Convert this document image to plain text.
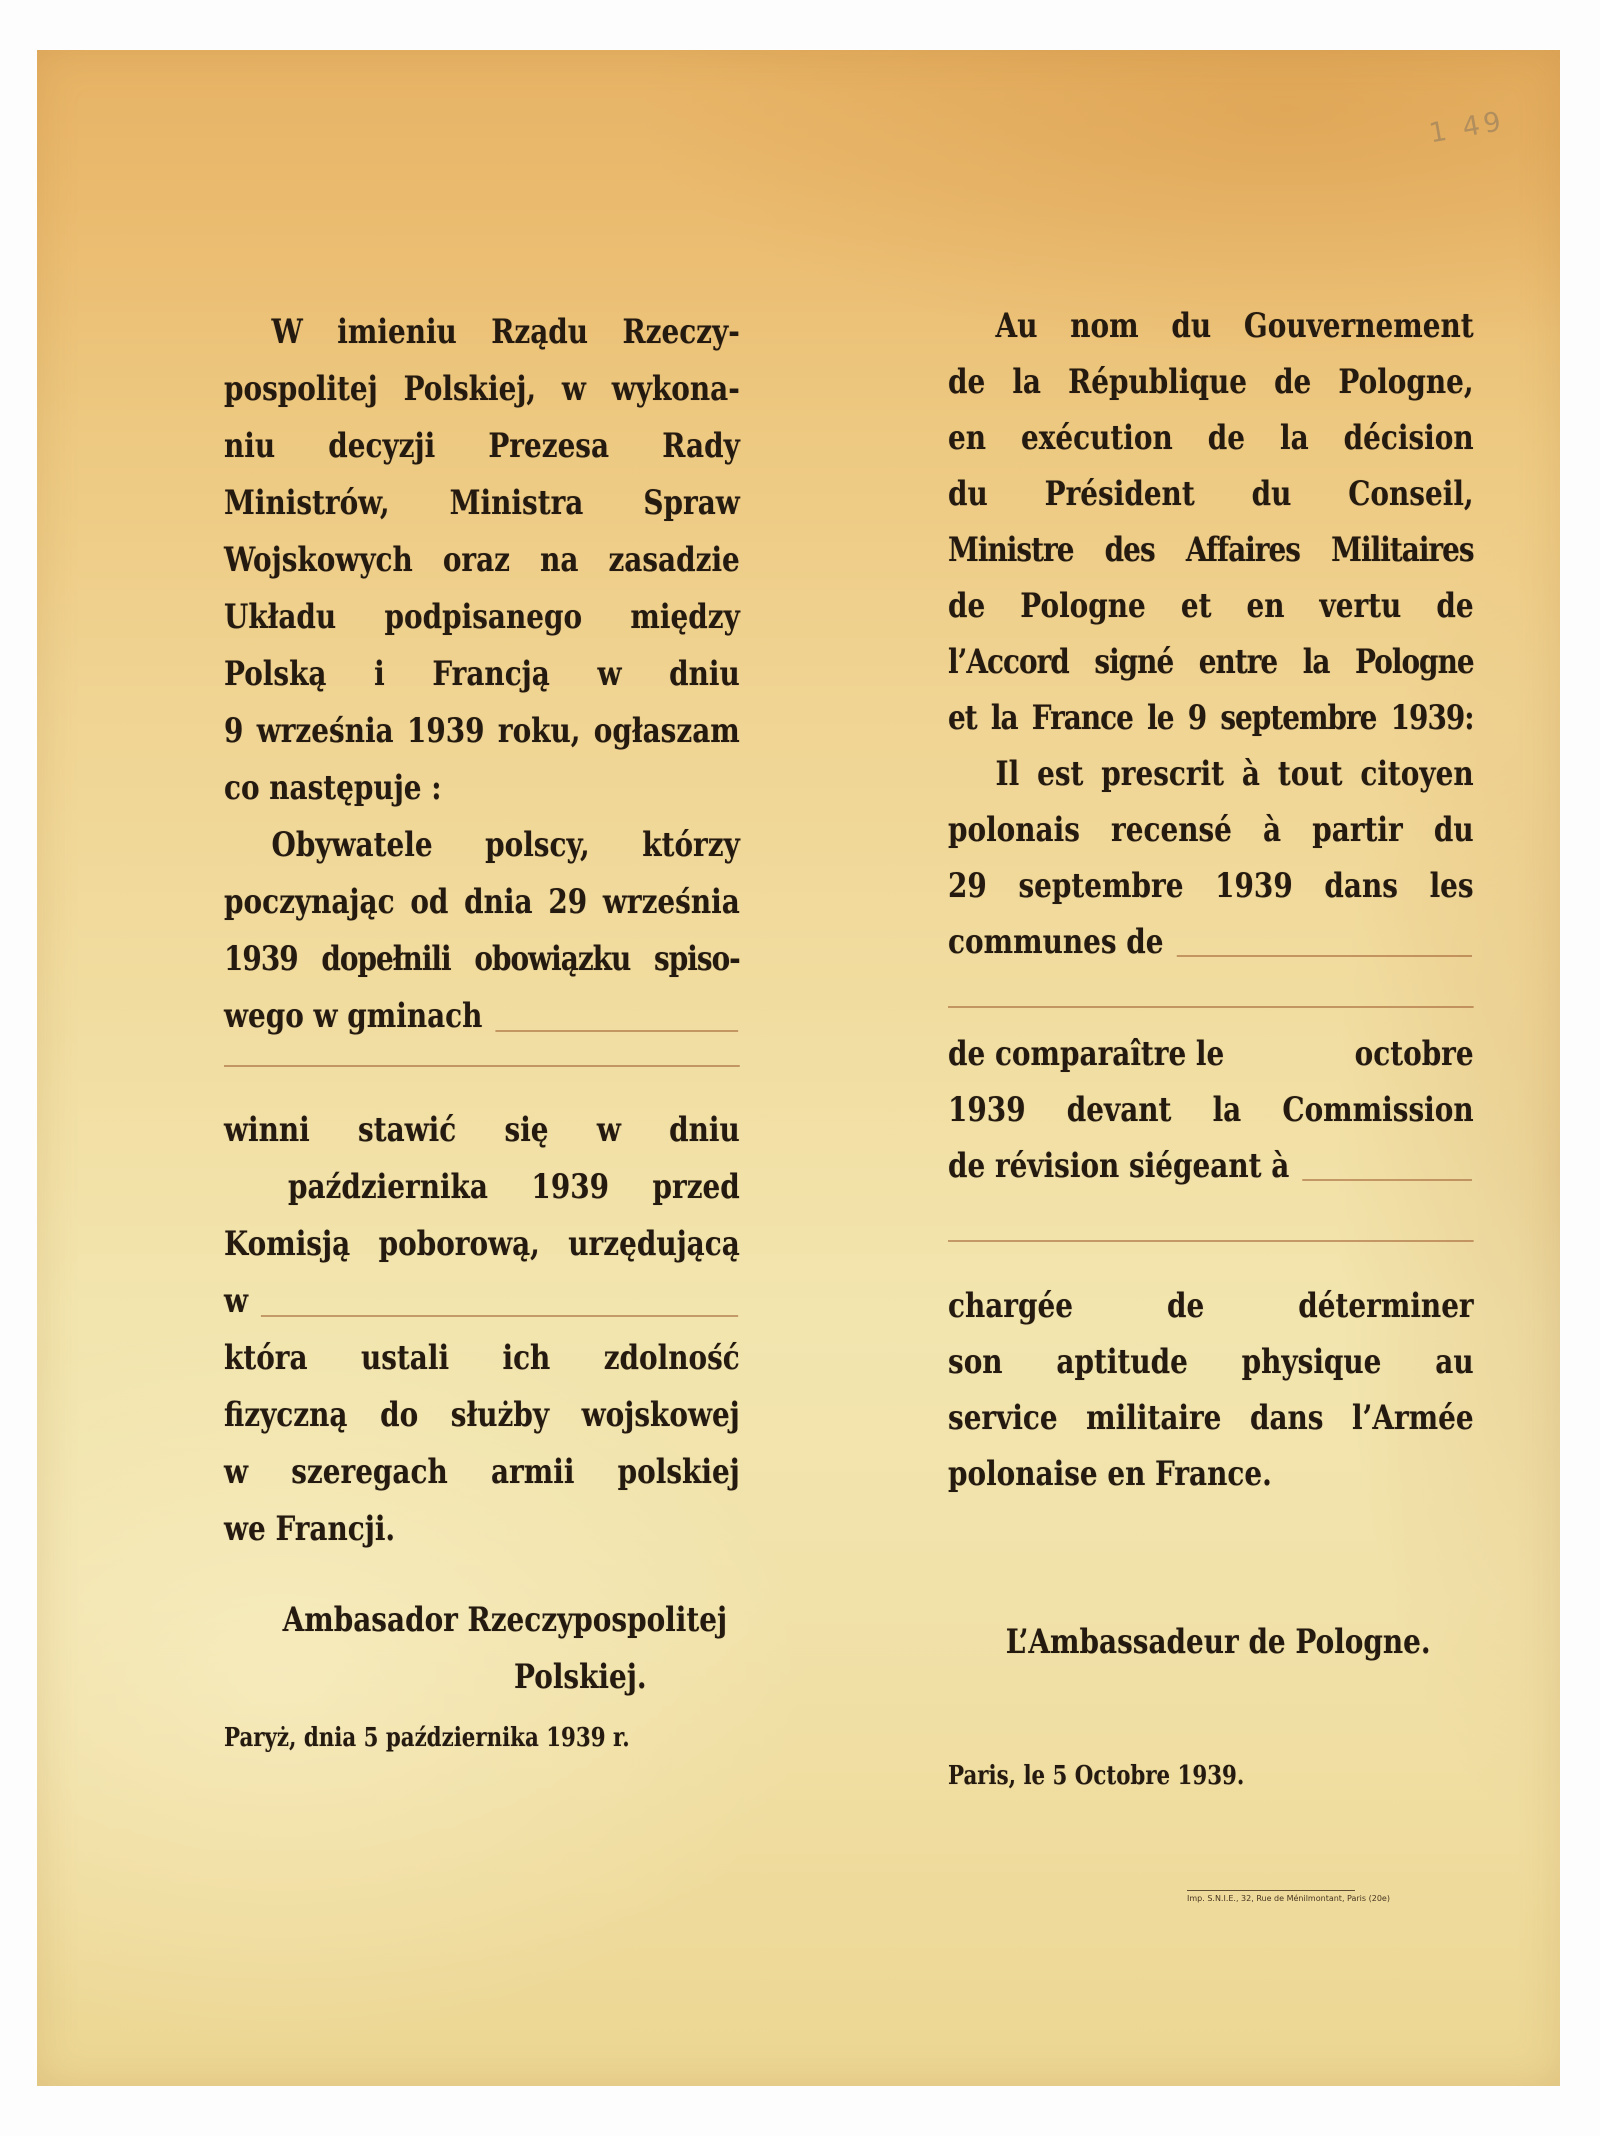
1 49
W imieniu Rządu Rzeczy-
pospolitej Polskiej, w wykona-
niu decyzji Prezesa Rady
Ministrów, Ministra Spraw
Wojskowych oraz na zasadzie
Układu podpisanego między
Polską i Francją w dniu
9 września 1939 roku, ogłaszam
co następuje :
Obywatele polscy, którzy
poczynając od dnia 29 września
1939 dopełnili obowiązku spiso-
wego w gminach
winni stawić się w dniu
października 1939 przed
Komisją poborową, urzędującą
w
która ustali ich zdolność
fizyczną do służby wojskowej
w szeregach armii polskiej
we Francji.
Ambasador Rzeczypospolitej
Polskiej.
Paryż, dnia 5 października 1939 r.
Au nom du Gouvernement
de la République de Pologne,
en exécution de la décision
du Président du Conseil,
Ministre des Affaires Militaires
de Pologne et en vertu de
l’Accord signé entre la Pologne
et la France le 9 septembre 1939:
Il est prescrit à tout citoyen
polonais recensé à partir du
29 septembre 1939 dans les
communes de
de comparaître le	octobre
1939 devant la Commission
de révision siégeant à
chargée de déterminer
son aptitude physique au
service militaire dans l’Armée
polonaise en France.
L’Ambassadeur de Pologne.
Paris, le 5 Octobre 1939.
Imp. S.N.I.E., 32, Rue de Ménilmontant, Paris (20e)
